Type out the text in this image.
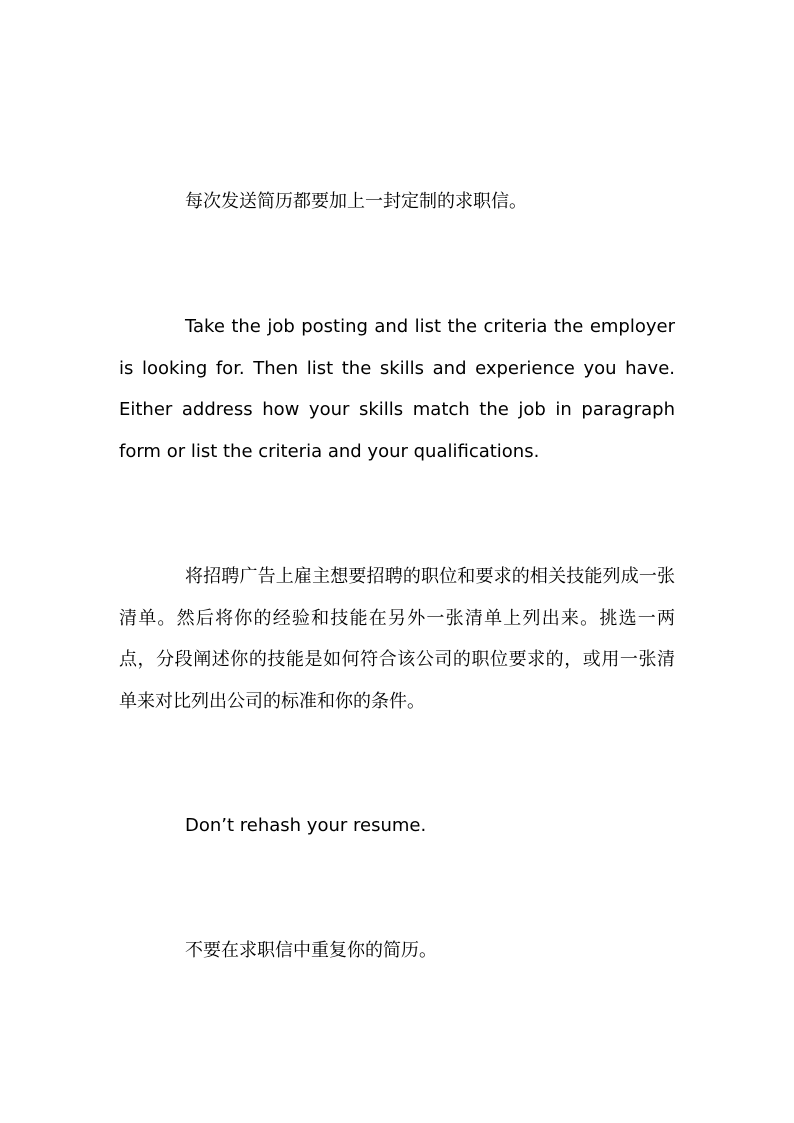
每次发送简历都要加上一封定制的求职信。

Take the job posting and list the criteria the employer is looking for. Then list the skills and experience you have. Either address how your skills match the job in paragraph form or list the criteria and your qualifications.

将招聘广告上雇主想要招聘的职位和要求的相关技能列成一张清单。然后将你的经验和技能在另外一张清单上列出来。挑选一两点，分段阐述你的技能是如何符合该公司的职位要求的，或用一张清单来对比列出公司的标准和你的条件。

Don’t rehash your resume.

不要在求职信中重复你的简历。
